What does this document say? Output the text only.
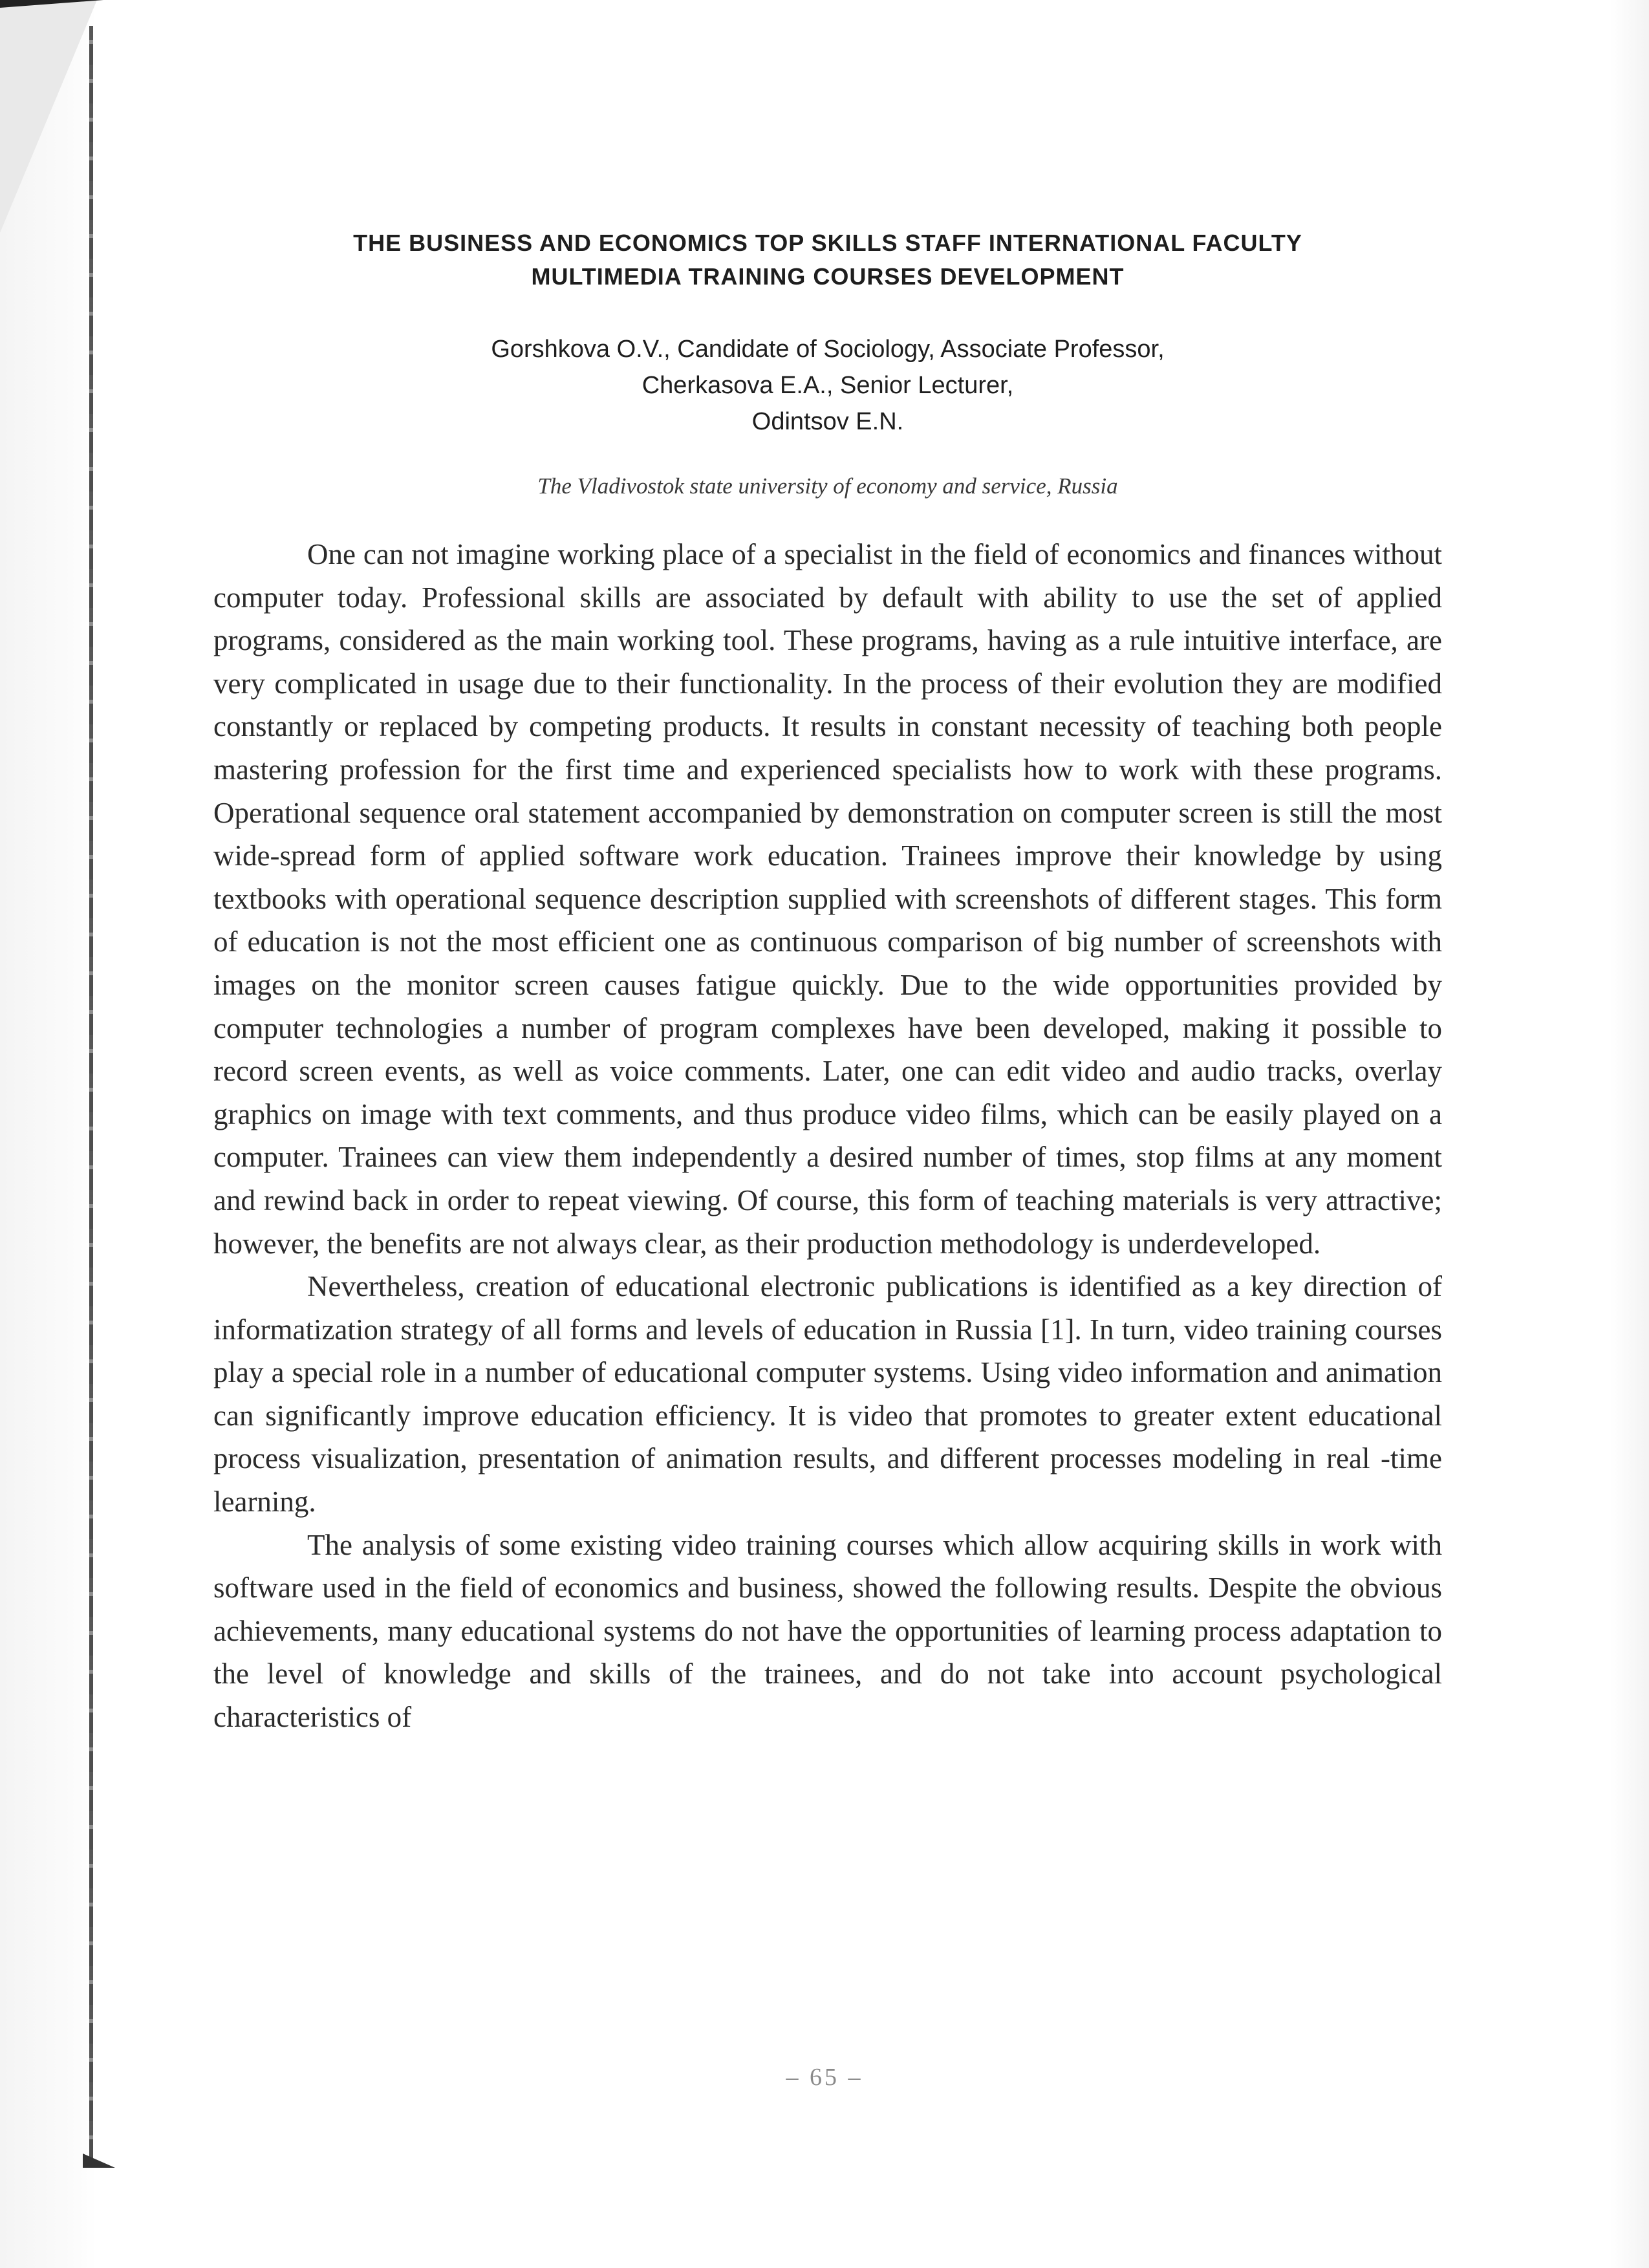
THE BUSINESS AND ECONOMICS TOP SKILLS STAFF INTERNATIONAL FACULTY
MULTIMEDIA TRAINING COURSES DEVELOPMENT
Gorshkova O.V., Candidate of Sociology, Associate Professor,
Cherkasova E.A., Senior Lecturer,
Odintsov E.N.
The Vladivostok state university of economy and service, Russia

One can not imagine working place of a specialist in the field of economics and finances without computer today. Professional skills are associated by default with ability to use the set of applied programs, considered as the main working tool. These programs, having as a rule intuitive interface, are very complicated in usage due to their functionality. In the process of their evolution they are modified constantly or replaced by competing products. It results in constant necessity of teaching both people mastering profession for the first time and experienced specialists how to work with these programs. Operational sequence oral statement accompanied by demonstration on computer screen is still the most wide-spread form of applied software work education. Trainees improve their knowledge by using textbooks with operational sequence description supplied with screenshots of different stages. This form of education is not the most efficient one as continuous comparison of big number of screenshots with images on the monitor screen causes fatigue quickly. Due to the wide opportunities provided by computer technologies a number of program complexes have been developed, making it possible to record screen events, as well as voice comments. Later, one can edit video and audio tracks, overlay graphics on image with text comments, and thus produce video films, which can be easily played on a computer. Trainees can view them independently a desired number of times, stop films at any moment and rewind back in order to repeat viewing. Of course, this form of teaching materials is very attractive; however, the benefits are not always clear, as their production methodology is underdeveloped.

Nevertheless, creation of educational electronic publications is identified as a key direction of informatization strategy of all forms and levels of education in Russia [1]. In turn, video training courses play a special role in a number of educational computer systems. Using video information and animation can significantly improve education efficiency. It is video that promotes to greater extent educational process visualization, presentation of animation results, and different processes modeling in real -time learning.

The analysis of some existing video training courses which allow acquiring skills in work with software used in the field of economics and business, showed the following results. Despite the obvious achievements, many educational systems do not have the opportunities of learning process adaptation to the level of knowledge and skills of the trainees, and do not take into account psychological characteristics of

– 65 –
